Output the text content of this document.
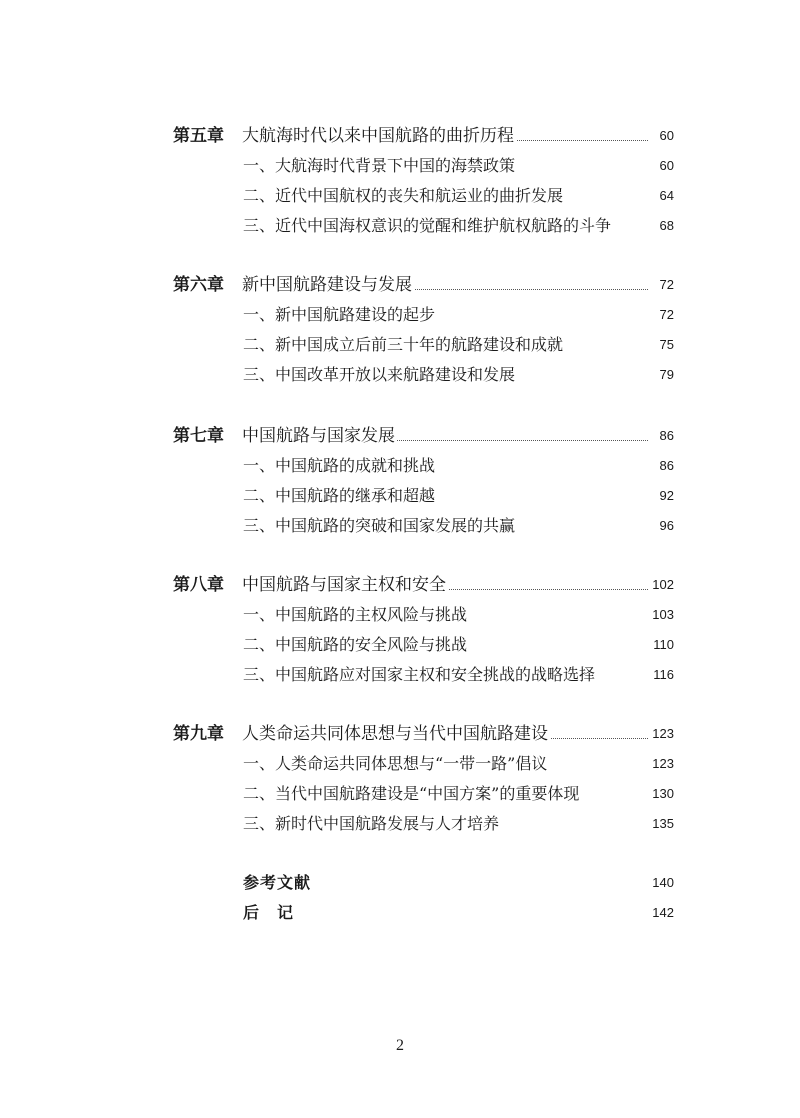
第五章 大航海时代以来中国航路的曲折历程	60
一、大航海时代背景下中国的海禁政策	60
二、近代中国航权的丧失和航运业的曲折发展	64
三、近代中国海权意识的觉醒和维护航权航路的斗争	68
第六章 新中国航路建设与发展	72
一、新中国航路建设的起步	72
二、新中国成立后前三十年的航路建设和成就	75
三、中国改革开放以来航路建设和发展	79
第七章 中国航路与国家发展	86
一、中国航路的成就和挑战	86
二、中国航路的继承和超越	92
三、中国航路的突破和国家发展的共赢	96
第八章 中国航路与国家主权和安全	102
一、中国航路的主权风险与挑战	103
二、中国航路的安全风险与挑战	110
三、中国航路应对国家主权和安全挑战的战略选择	116
第九章 人类命运共同体思想与当代中国航路建设	123
一、人类命运共同体思想与“一带一路”倡议	123
二、当代中国航路建设是“中国方案”的重要体现	130
三、新时代中国航路发展与人才培养	135
参考文献	140
后　记	142
2
